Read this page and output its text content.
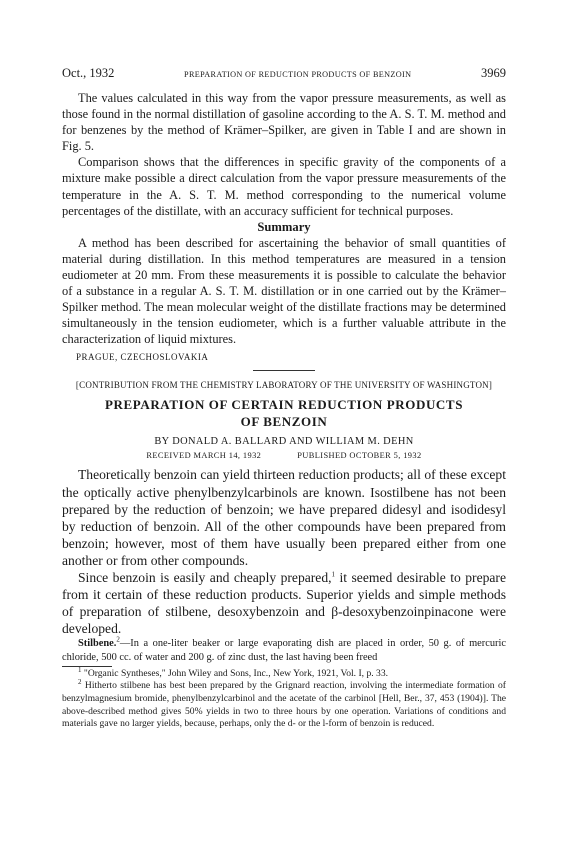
Oct., 1932	PREPARATION OF REDUCTION PRODUCTS OF BENZOIN	3969

The values calculated in this way from the vapor pressure measurements, as well as those found in the normal distillation of gasoline according to the A. S. T. M. method and for benzenes by the method of Krämer–Spilker, are given in Table I and are shown in Fig. 5.

Comparison shows that the differences in specific gravity of the components of a mixture make possible a direct calculation from the vapor pressure measurements of the temperature in the A. S. T. M. method corresponding to the numerical volume percentages of the distillate, with an accuracy sufficient for technical purposes.

Summary

A method has been described for ascertaining the behavior of small quantities of material during distillation. In this method temperatures are measured in a tension eudiometer at 20 mm. From these measurements it is possible to calculate the behavior of a substance in a regular A. S. T. M. distillation or in one carried out by the Krämer–Spilker method. The mean molecular weight of the distillate fractions may be determined simultaneously in the tension eudiometer, which is a further valuable attribute in the characterization of liquid mixtures.

PRAGUE, CZECHOSLOVAKIA
[CONTRIBUTION FROM THE CHEMISTRY LABORATORY OF THE UNIVERSITY OF WASHINGTON]
PREPARATION OF CERTAIN REDUCTION PRODUCTS
OF BENZOIN
BY DONALD A. BALLARD AND WILLIAM M. DEHN
RECEIVED MARCH 14, 1932	PUBLISHED OCTOBER 5, 1932

Theoretically benzoin can yield thirteen reduction products; all of these except the optically active phenylbenzylcarbinols are known. Isostilbene has not been prepared by the reduction of benzoin; we have prepared didesyl and isodidesyl by reduction of benzoin. All of the other compounds have been prepared from benzoin; however, most of them have usually been prepared either from one another or from other compounds.

Since benzoin is easily and cheaply prepared,$^1$ it seemed desirable to prepare from it certain of these reduction products. Superior yields and simple methods of preparation of stilbene, desoxybenzoin and β-desoxybenzoinpinacone were developed.

Stilbene.$^2$—In a one-liter beaker or large evaporating dish are placed in order, 50 g. of mercuric chloride, 500 cc. of water and 200 g. of zinc dust, the last having been freed

$^1$ "Organic Syntheses," John Wiley and Sons, Inc., New York, 1921, Vol. I, p. 33.

$^2$ Hitherto stilbene has best been prepared by the Grignard reaction, involving the intermediate formation of benzylmagnesium bromide, phenylbenzylcarbinol and the acetate of the carbinol [Hell, Ber., 37, 453 (1904)]. The above-described method gives 50% yields in two to three hours by one operation. Variations of conditions and materials gave no larger yields, because, perhaps, only the d- or the l-form of benzoin is reduced.
